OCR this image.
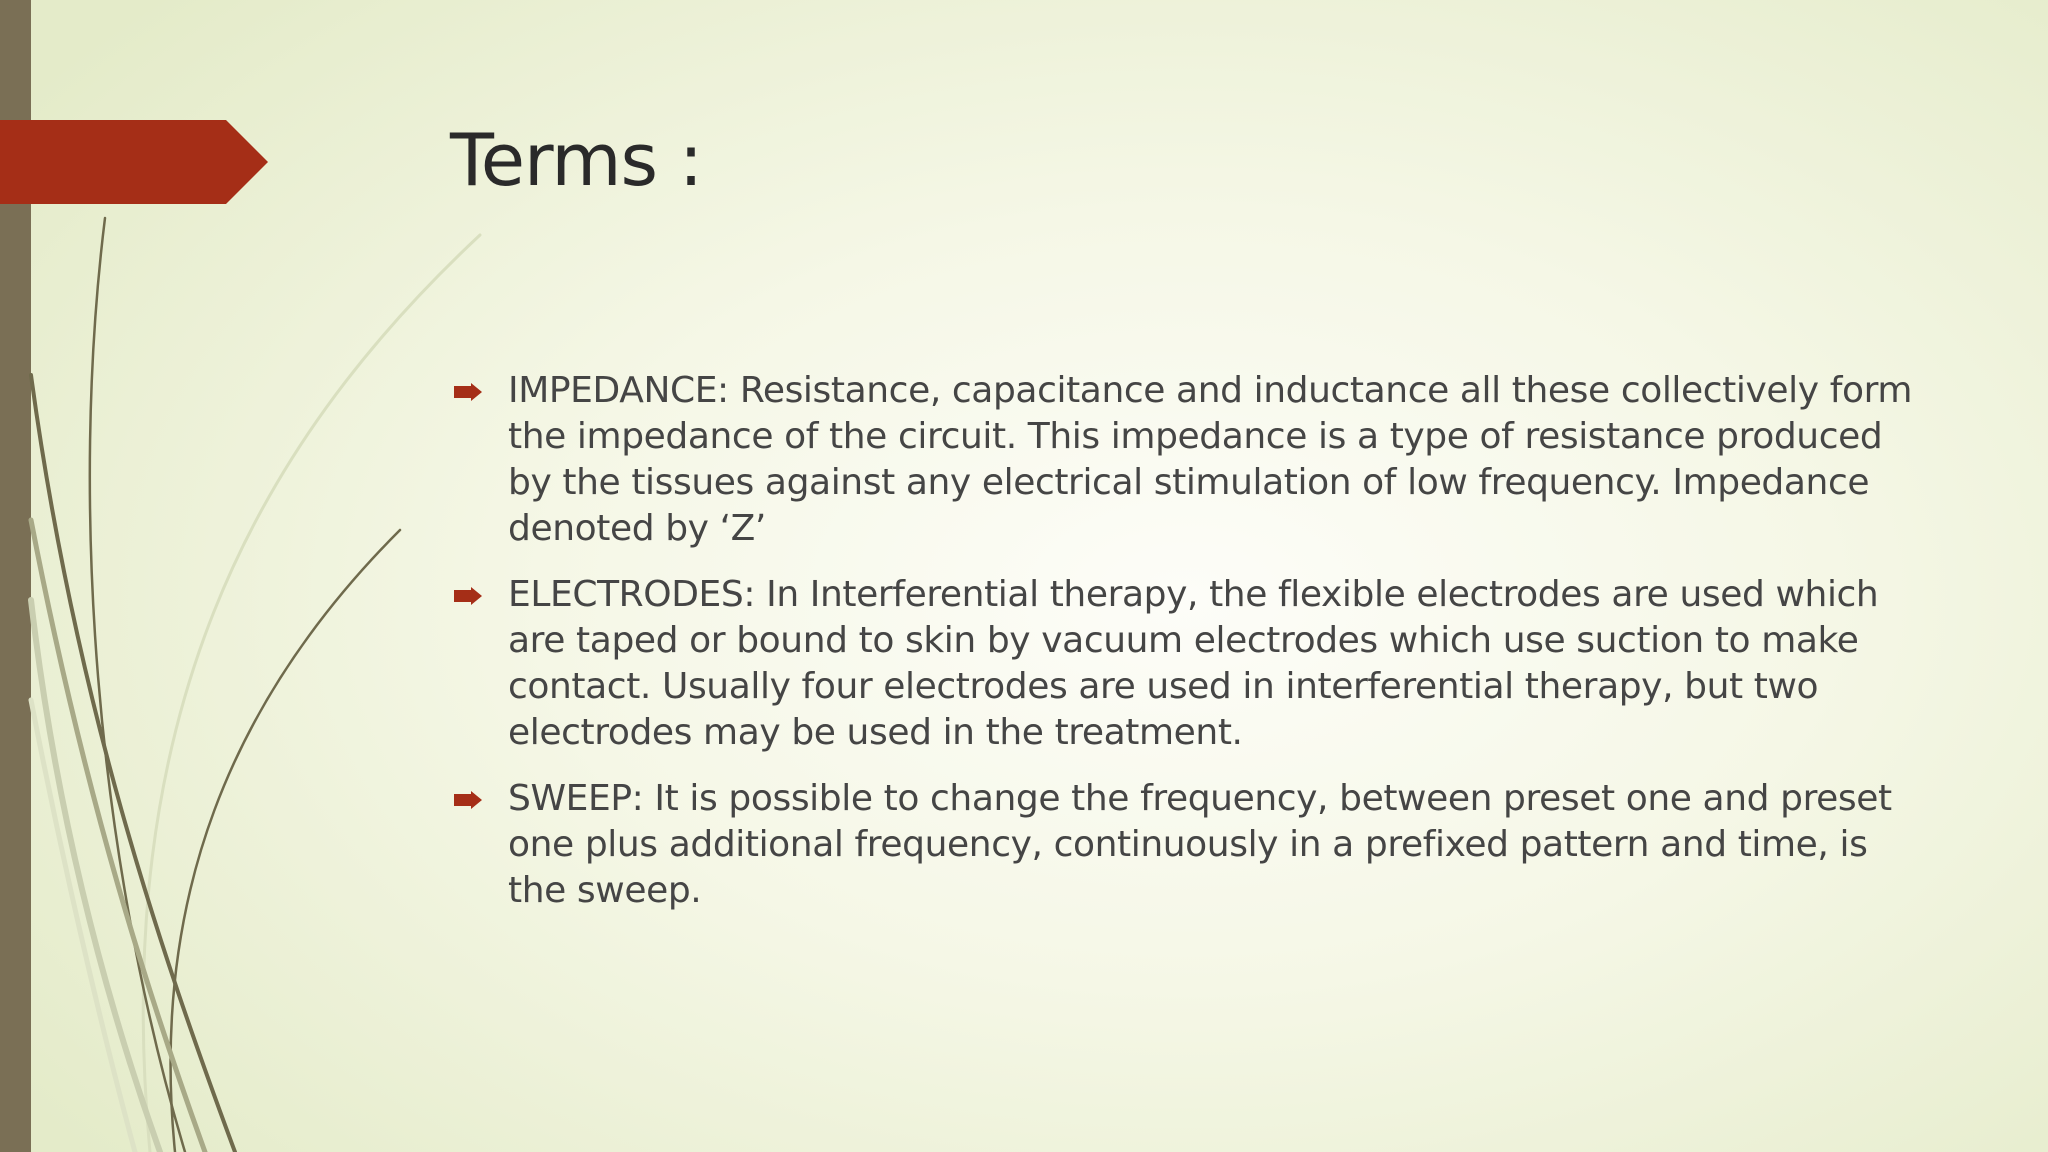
Terms :
IMPEDANCE: Resistance, capacitance and inductance all these collectively form the impedance of the circuit. This impedance is a type of resistance produced by the tissues against any electrical stimulation of low frequency. Impedance denoted by ‘Z’
ELECTRODES: In Interferential therapy, the flexible electrodes are used which are taped or bound to skin by vacuum electrodes which use suction to make contact. Usually four electrodes are used in interferential therapy, but two electrodes may be used in the treatment.
SWEEP: It is possible to change the frequency, between preset one and preset one plus additional frequency, continuously in a prefixed pattern and time, is the sweep.
